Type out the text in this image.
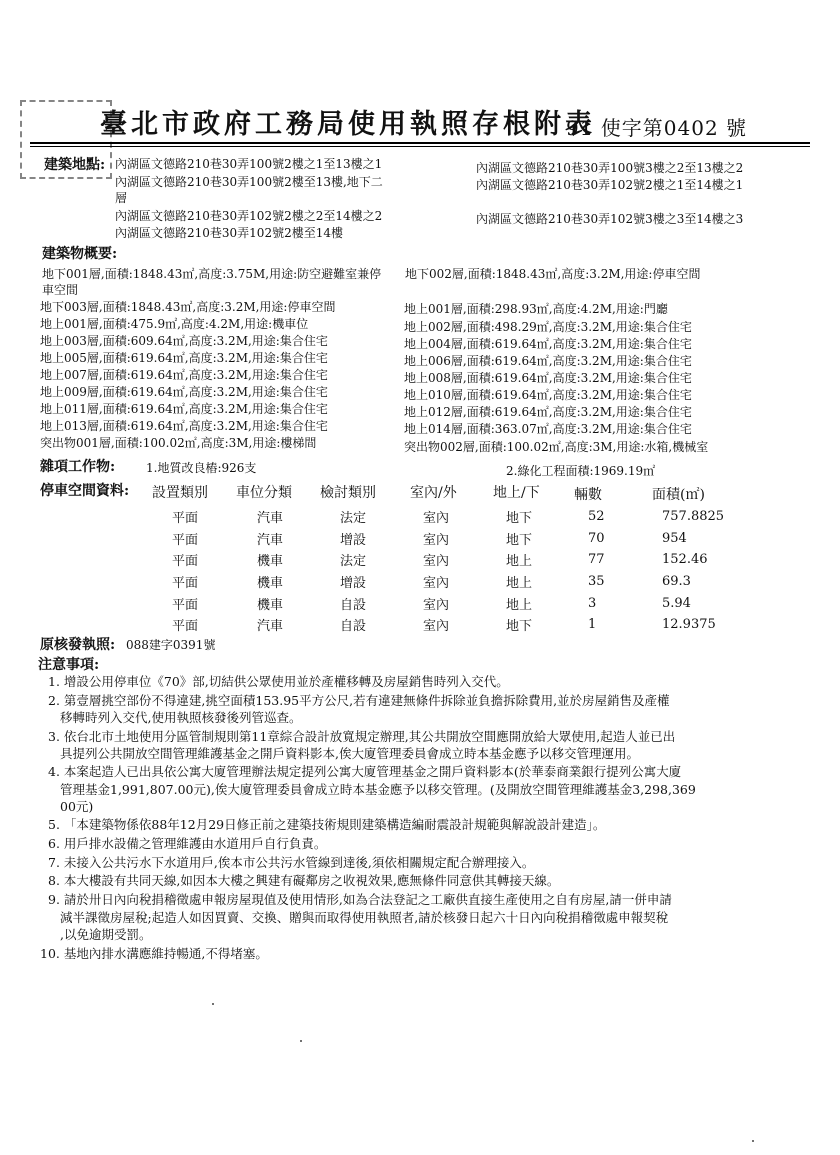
臺北市政府工務局使用執照存根附表
91 使字第0402 號
建築地點: 內湖區文德路210巷30弄100號2樓之1至13樓之1
內湖區文德路210巷30弄100號2樓至13樓,地下二
層
內湖區文德路210巷30弄102號2樓之2至14樓之2
內湖區文德路210巷30弄102號2樓至14樓
內湖區文德路210巷30弄100號3樓之2至13樓之2
內湖區文德路210巷30弄102號2樓之1至14樓之1
內湖區文德路210巷30弄102號3樓之3至14樓之3
建築物概要:
地下001層,面積:1848.43㎡,高度:3.75M,用途:防空避難室兼停
車空間
地下002層,面積:1848.43㎡,高度:3.2M,用途:停車空間
地下003層,面積:1848.43㎡,高度:3.2M,用途:停車空間
地上001層,面積:475.9㎡,高度:4.2M,用途:機車位
地上003層,面積:609.64㎡,高度:3.2M,用途:集合住宅
地上005層,面積:619.64㎡,高度:3.2M,用途:集合住宅
地上007層,面積:619.64㎡,高度:3.2M,用途:集合住宅
地上009層,面積:619.64㎡,高度:3.2M,用途:集合住宅
地上011層,面積:619.64㎡,高度:3.2M,用途:集合住宅
地上013層,面積:619.64㎡,高度:3.2M,用途:集合住宅
突出物001層,面積:100.02㎡,高度:3M,用途:樓梯間
地上001層,面積:298.93㎡,高度:4.2M,用途:門廳
地上002層,面積:498.29㎡,高度:3.2M,用途:集合住宅
地上004層,面積:619.64㎡,高度:3.2M,用途:集合住宅
地上006層,面積:619.64㎡,高度:3.2M,用途:集合住宅
地上008層,面積:619.64㎡,高度:3.2M,用途:集合住宅
地上010層,面積:619.64㎡,高度:3.2M,用途:集合住宅
地上012層,面積:619.64㎡,高度:3.2M,用途:集合住宅
地上014層,面積:363.07㎡,高度:3.2M,用途:集合住宅
突出物002層,面積:100.02㎡,高度:3M,用途:水箱,機械室
雜項工作物:	1.地質改良樁:926支	2.綠化工程面積:1969.19㎡
停車空間資料: 設置類別 車位分類 檢討類別 室內/外	地上/下 輛數	面積(㎡)
平面	汽車	法定	室內	地下	52	757.8825
平面	汽車	增設	室內	地下	70	954
平面	機車	法定	室內	地上	77	152.46
平面	機車	增設	室內	地上	35	69.3
平面	機車	自設	室內	地上	3	5.94
平面	汽車	自設	室內	地下	1	12.9375
原核發執照: 088建字0391號
注意事項:
1. 增設公用停車位《70》部,切結供公眾使用並於產權移轉及房屋銷售時列入交代。
2. 第壹層挑空部份不得違建,挑空面積153.95平方公尺,若有違建無條件拆除並負擔拆除費用,並於房屋銷售及產權
移轉時列入交代,使用執照核發後列管巡查。
3. 依台北市土地使用分區管制規則第11章綜合設計放寬規定辦理,其公共開放空間應開放給大眾使用,起造人並已出
具提列公共開放空間管理維護基金之開戶資料影本,俟大廈管理委員會成立時本基金應予以移交管理運用。
4. 本案起造人已出具依公寓大廈管理辦法規定提列公寓大廈管理基金之開戶資料影本(於華泰商業銀行提列公寓大廈
管理基金1,991,807.00元),俟大廈管理委員會成立時本基金應予以移交管理。(及開放空間管理維護基金3,298,369
00元)
5. 「本建築物係依88年12月29日修正前之建築技術規則建築構造編耐震設計規範與解說設計建造」。
6. 用戶排水設備之管理維護由水道用戶自行負責。
7. 未接入公共污水下水道用戶,俟本市公共污水管線到達後,須依相關規定配合辦理接入。
8. 本大樓設有共同天線,如因本大樓之興建有礙鄰房之收視效果,應無條件同意供其轉接天線。
9. 請於卅日內向稅捐稽徵處申報房屋現值及使用情形,如為合法登記之工廠供直接生產使用之自有房屋,請一併申請
減半課徵房屋稅;起造人如因買賣、交換、贈與而取得使用執照者,請於核發日起六十日內向稅捐稽徵處申報契稅
,以免逾期受罰。
10. 基地內排水溝應維持暢通,不得堵塞。
